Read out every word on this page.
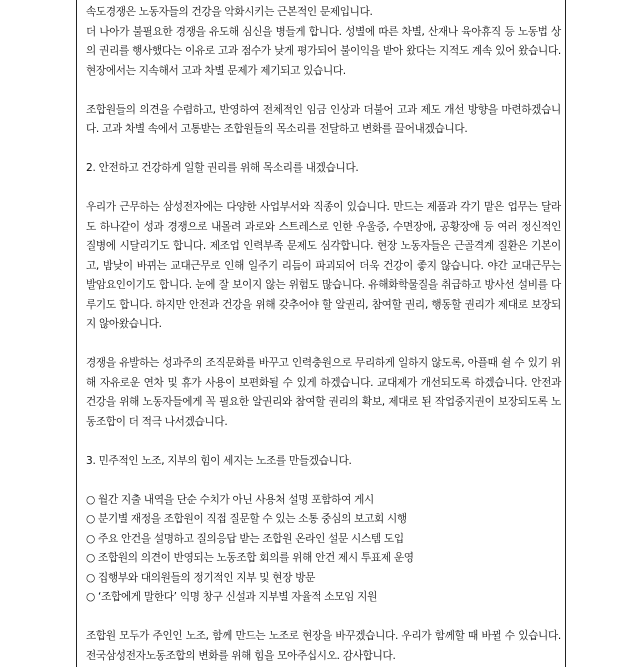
속도경쟁은 노동자들의 건강을 악화시키는 근본적인 문제입니다.

더 나아가 불필요한 경쟁을 유도해 심신을 병들게 합니다. 성별에 따른 차별, 산재나 육아휴직 등 노동법 상의 권리를 행사했다는 이유로 고과 점수가 낮게 평가되어 불이익을 받아 왔다는 지적도 계속 있어 왔습니다. 현장에서는 지속해서 고과 차별 문제가 제기되고 있습니다.

조합원들의 의견을 수렴하고, 반영하여 전체적인 임금 인상과 더불어 고과 제도 개선 방향을 마련하겠습니다. 고과 차별 속에서 고통받는 조합원들의 목소리를 전달하고 변화를 끌어내겠습니다.

2. 안전하고 건강하게 일할 권리를 위해 목소리를 내겠습니다.

우리가 근무하는 삼성전자에는 다양한 사업부서와 직종이 있습니다. 만드는 제품과 각기 맡은 업무는 달라도 하나같이 성과 경쟁으로 내몰려 과로와 스트레스로 인한 우울증, 수면장애, 공황장애 등 여러 정신적인 질병에 시달리기도 합니다. 제조업 인력부족 문제도 심각합니다. 현장 노동자들은 근골격계 질환은 기본이고, 밤낮이 바뀌는 교대근무로 인해 일주기 리듬이 파괴되어 더욱 건강이 좋지 않습니다. 야간 교대근무는 발암요인이기도 합니다. 눈에 잘 보이지 않는 위험도 많습니다. 유해화학물질을 취급하고 방사선 설비를 다루기도 합니다. 하지만 안전과 건강을 위해 갖추어야 할 알권리, 참여할 권리, 행동할 권리가 제대로 보장되지 않아왔습니다.

경쟁을 유발하는 성과주의 조직문화를 바꾸고 인력충원으로 무리하게 일하지 않도록, 아플때 쉴 수 있기 위해 자유로운 연차 및 휴가 사용이 보편화될 수 있게 하겠습니다. 교대제가 개선되도록 하겠습니다. 안전과 건강을 위해 노동자들에게 꼭 필요한 알권리와 참여할 권리의 확보, 제대로 된 작업중지권이 보장되도록 노동조합이 더 적극 나서겠습니다.

3. 민주적인 노조, 지부의 힘이 세지는 노조를 만들겠습니다.

○ 월간 지출 내역을 단순 수치가 아닌 사용처 설명 포함하여 게시
○ 분기별 재정을 조합원이 직접 질문할 수 있는 소통 중심의 보고회 시행
○ 주요 안건을 설명하고 질의응답 받는 조합원 온라인 설문 시스템 도입
○ 조합원의 의견이 반영되는 노동조합 회의를 위해 안건 제시 투표제 운영
○ 집행부와 대의원들의 정기적인 지부 및 현장 방문
○ ‘조합에게 말한다’ 익명 창구 신설과 지부별 자율적 소모임 지원

조합원 모두가 주인인 노조, 함께 만드는 노조로 현장을 바꾸겠습니다. 우리가 함께할 때 바뀔 수 있습니다. 전국삼성전자노동조합의 변화를 위해 힘을 모아주십시오. 감사합니다.
